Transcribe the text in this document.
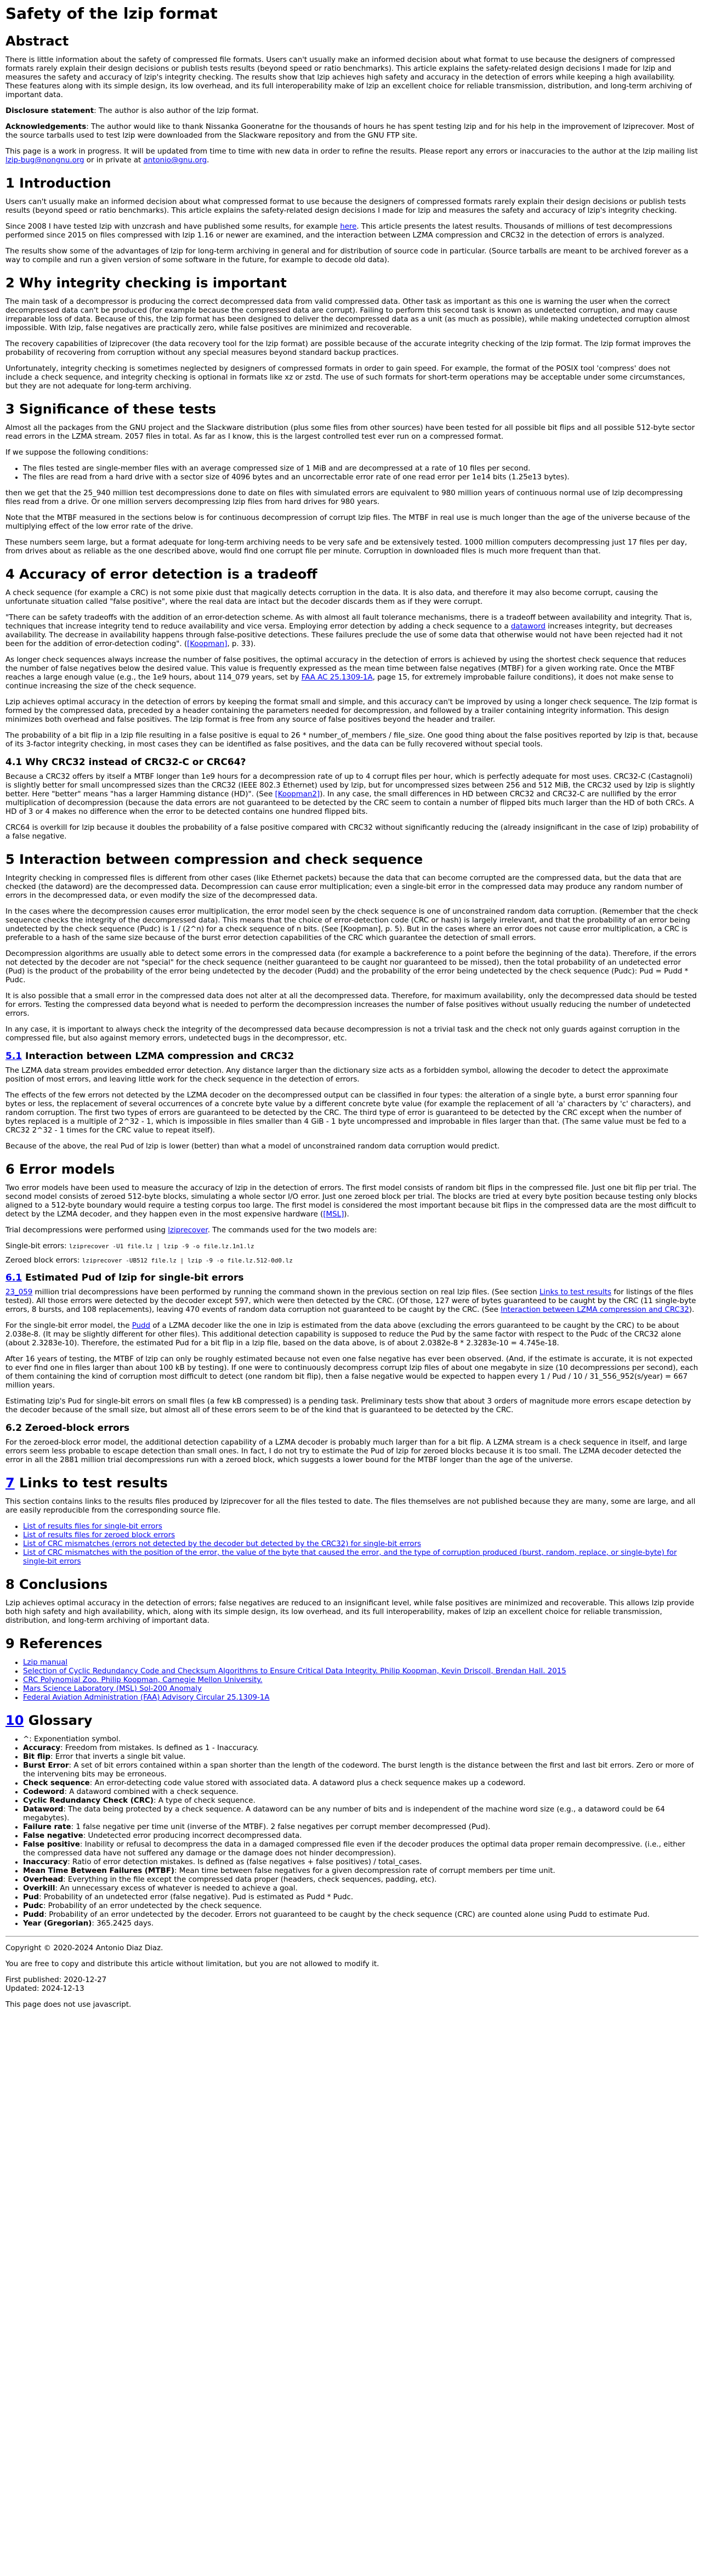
Safety of the lzip format
Abstract

There is little information about the safety of compressed file formats. Users can't usually make an informed decision about what format to use because the designers of compressed formats rarely explain their design decisions or publish tests results (beyond speed or ratio benchmarks). This article explains the safety-related design decisions I made for lzip and measures the safety and accuracy of lzip's integrity checking. The results show that lzip achieves high safety and accuracy in the detection of errors while keeping a high availability. These features along with its simple design, its low overhead, and its full interoperability make of lzip an excellent choice for reliable transmission, distribution, and long-term archiving of important data.

Disclosure statement: The author is also author of the lzip format.

Acknowledgements: The author would like to thank Nissanka Gooneratne for the thousands of hours he has spent testing lzip and for his help in the improvement of lziprecover. Most of the source tarballs used to test lzip were downloaded from the Slackware repository and from the GNU FTP site.

This page is a work in progress. It will be updated from time to time with new data in order to refine the results. Please report any errors or inaccuracies to the author at the lzip mailing list lzip-bug@nongnu.org or in private at antonio@gnu.org.

1 Introduction

Users can't usually make an informed decision about what compressed format to use because the designers of compressed formats rarely explain their design decisions or publish tests results (beyond speed or ratio benchmarks). This article explains the safety-related design decisions I made for lzip and measures the safety and accuracy of lzip's integrity checking.

Since 2008 I have tested lzip with unzcrash and have published some results, for example here. This article presents the latest results. Thousands of millions of test decompressions performed since 2015 on files compressed with lzip 1.16 or newer are examined, and the interaction between LZMA compression and CRC32 in the detection of errors is analyzed.

The results show some of the advantages of lzip for long-term archiving in general and for distribution of source code in particular. (Source tarballs are meant to be archived forever as a way to compile and run a given version of some software in the future, for example to decode old data).

2 Why integrity checking is important

The main task of a decompressor is producing the correct decompressed data from valid compressed data. Other task as important as this one is warning the user when the correct decompressed data can't be produced (for example because the compressed data are corrupt). Failing to perform this second task is known as undetected corruption, and may cause irreparable loss of data. Because of this, the lzip format has been designed to deliver the decompressed data as a unit (as much as possible), while making undetected corruption almost impossible. With lzip, false negatives are practically zero, while false positives are minimized and recoverable.

The recovery capabilities of lziprecover (the data recovery tool for the lzip format) are possible because of the accurate integrity checking of the lzip format. The lzip format improves the probability of recovering from corruption without any special measures beyond standard backup practices.

Unfortunately, integrity checking is sometimes neglected by designers of compressed formats in order to gain speed. For example, the format of the POSIX tool 'compress' does not include a check sequence, and integrity checking is optional in formats like xz or zstd. The use of such formats for short-term operations may be acceptable under some circumstances, but they are not adequate for long-term archiving.

3 Significance of these tests

Almost all the packages from the GNU project and the Slackware distribution (plus some files from other sources) have been tested for all possible bit flips and all possible 512-byte sector read errors in the LZMA stream. 2057 files in total. As far as I know, this is the largest controlled test ever run on a compressed format.

If we suppose the following conditions:

• The files tested are single-member files with an average compressed size of 1 MiB and are decompressed at a rate of 10 files per second.
• The files are read from a hard drive with a sector size of 4096 bytes and an uncorrectable error rate of one read error per 1e14 bits (1.25e13 bytes).

then we get that the 25_940 million test decompressions done to date on files with simulated errors are equivalent to 980 million years of continuous normal use of lzip decompressing files read from a drive. Or one million servers decompressing lzip files from hard drives for 980 years.

Note that the MTBF measured in the sections below is for continuous decompression of corrupt lzip files. The MTBF in real use is much longer than the age of the universe because of the multiplying effect of the low error rate of the drive.

These numbers seem large, but a format adequate for long-term archiving needs to be very safe and be extensively tested. 1000 million computers decompressing just 17 files per day, from drives about as reliable as the one described above, would find one corrupt file per minute. Corruption in downloaded files is much more frequent than that.

4 Accuracy of error detection is a tradeoff

A check sequence (for example a CRC) is not some pixie dust that magically detects corruption in the data. It is also data, and therefore it may also become corrupt, causing the unfortunate situation called "false positive", where the real data are intact but the decoder discards them as if they were corrupt.

"There can be safety tradeoffs with the addition of an error-detection scheme. As with almost all fault tolerance mechanisms, there is a tradeoff between availability and integrity. That is, techniques that increase integrity tend to reduce availability and vice versa. Employing error detection by adding a check sequence to a dataword increases integrity, but decreases availability. The decrease in availability happens through false-positive detections. These failures preclude the use of some data that otherwise would not have been rejected had it not been for the addition of error-detection coding". ([Koopman], p. 33).

As longer check sequences always increase the number of false positives, the optimal accuracy in the detection of errors is achieved by using the shortest check sequence that reduces the number of false negatives below the desired value. This value is frequently expressed as the mean time between false negatives (MTBF) for a given working rate. Once the MTBF reaches a large enough value (e.g., the 1e9 hours, about 114_079 years, set by FAA AC 25.1309-1A, page 15, for extremely improbable failure conditions), it does not make sense to continue increasing the size of the check sequence.

Lzip achieves optimal accuracy in the detection of errors by keeping the format small and simple, and this accuracy can't be improved by using a longer check sequence. The lzip format is formed by the compressed data, preceded by a header containing the parameters needed for decompression, and followed by a trailer containing integrity information. This design minimizes both overhead and false positives. The lzip format is free from any source of false positives beyond the header and trailer.

The probability of a bit flip in a lzip file resulting in a false positive is equal to 26 * number_of_members / file_size. One good thing about the false positives reported by lzip is that, because of its 3-factor integrity checking, in most cases they can be identified as false positives, and the data can be fully recovered without special tools.

4.1 Why CRC32 instead of CRC32-C or CRC64?

Because a CRC32 offers by itself a MTBF longer than 1e9 hours for a decompression rate of up to 4 corrupt files per hour, which is perfectly adequate for most uses. CRC32-C (Castagnoli) is slightly better for small uncompressed sizes than the CRC32 (IEEE 802.3 Ethernet) used by lzip, but for uncompressed sizes between 256 and 512 MiB, the CRC32 used by lzip is slightly better. Here "better" means "has a larger Hamming distance (HD)". (See [Koopman2]). In any case, the small differences in HD between CRC32 and CRC32-C are nullified by the error multiplication of decompression (because the data errors are not guaranteed to be detected by the CRC seem to contain a number of flipped bits much larger than the HD of both CRCs. A HD of 3 or 4 makes no difference when the error to be detected contains one hundred flipped bits.

CRC64 is overkill for lzip because it doubles the probability of a false positive compared with CRC32 without significantly reducing the (already insignificant in the case of lzip) probability of a false negative.

5 Interaction between compression and check sequence

Integrity checking in compressed files is different from other cases (like Ethernet packets) because the data that can become corrupted are the compressed data, but the data that are checked (the dataword) are the decompressed data. Decompression can cause error multiplication; even a single-bit error in the compressed data may produce any random number of errors in the decompressed data, or even modify the size of the decompressed data.

In the cases where the decompression causes error multiplication, the error model seen by the check sequence is one of unconstrained random data corruption. (Remember that the check sequence checks the integrity of the decompressed data). This means that the choice of error-detection code (CRC or hash) is largely irrelevant, and that the probability of an error being undetected by the check sequence (Pudc) is 1 / (2^n) for a check sequence of n bits. (See [Koopman], p. 5). But in the cases where an error does not cause error multiplication, a CRC is preferable to a hash of the same size because of the burst error detection capabilities of the CRC which guarantee the detection of small errors.

Decompression algorithms are usually able to detect some errors in the compressed data (for example a backreference to a point before the beginning of the data). Therefore, if the errors not detected by the decoder are not "special" for the check sequence (neither guaranteed to be caught nor guaranteed to be missed), then the total probability of an undetected error (Pud) is the product of the probability of the error being undetected by the decoder (Pudd) and the probability of the error being undetected by the check sequence (Pudc): Pud = Pudd * Pudc.

It is also possible that a small error in the compressed data does not alter at all the decompressed data. Therefore, for maximum availability, only the decompressed data should be tested for errors. Testing the compressed data beyond what is needed to perform the decompression increases the number of false positives without usually reducing the number of undetected errors.

In any case, it is important to always check the integrity of the decompressed data because decompression is not a trivial task and the check not only guards against corruption in the compressed file, but also against memory errors, undetected bugs in the decompressor, etc.

5.1 Interaction between LZMA compression and CRC32

The LZMA data stream provides embedded error detection. Any distance larger than the dictionary size acts as a forbidden symbol, allowing the decoder to detect the approximate position of most errors, and leaving little work for the check sequence in the detection of errors.

The effects of the few errors not detected by the LZMA decoder on the decompressed output can be classified in four types: the alteration of a single byte, a burst error spanning four bytes or less, the replacement of several occurrences of a concrete byte value by a different concrete byte value (for example the replacement of all 'a' characters by 'c' characters), and random corruption. The first two types of errors are guaranteed to be detected by the CRC. The third type of error is guaranteed to be detected by the CRC except when the number of bytes replaced is a multiple of 2^32 - 1, which is impossible in files smaller than 4 GiB - 1 byte uncompressed and improbable in files larger than that. (The same value must be fed to a CRC32 2^32 - 1 times for the CRC value to repeat itself).

Because of the above, the real Pud of lzip is lower (better) than what a model of unconstrained random data corruption would predict.

6 Error models

Two error models have been used to measure the accuracy of lzip in the detection of errors. The first model consists of random bit flips in the compressed file. Just one bit flip per trial. The second model consists of zeroed 512-byte blocks, simulating a whole sector I/O error. Just one zeroed block per trial. The blocks are tried at every byte position because testing only blocks aligned to a 512-byte boundary would require a testing corpus too large. The first model is considered the most important because bit flips in the compressed data are the most difficult to detect by the LZMA decoder, and they happen even in the most expensive hardware ([MSL]).

Trial decompressions were performed using lziprecover. The commands used for the two models are:

Single-bit errors: lziprecover -U1 file.lz | lzip -9 -o file.lz.1n1.lz

Zeroed block errors: lziprecover -UB512 file.lz | lzip -9 -o file.lz.512-0d0.lz

6.1 Estimated Pud of lzip for single-bit errors

23_059 million trial decompressions have been performed by running the command shown in the previous section on real lzip files. (See section Links to test results for listings of the files tested). All those errors were detected by the decoder except 597, which were then detected by the CRC. (Of those, 127 were of bytes guaranteed to be caught by the CRC (11 single-byte errors, 8 bursts, and 108 replacements), leaving 470 events of random data corruption not guaranteed to be caught by the CRC. (See Interaction between LZMA compression and CRC32).

For the single-bit error model, the Pudd of a LZMA decoder like the one in lzip is estimated from the data above (excluding the errors guaranteed to be caught by the CRC) to be about 2.038e-8. (It may be slightly different for other files). This additional detection capability is supposed to reduce the Pud by the same factor with respect to the Pudc of the CRC32 alone (about 2.3283e-10). Therefore, the estimated Pud for a bit flip in a lzip file, based on the data above, is of about 2.0382e-8 * 2.3283e-10 = 4.745e-18.

After 16 years of testing, the MTBF of lzip can only be roughly estimated because not even one false negative has ever been observed. (And, if the estimate is accurate, it is not expected to ever find one in files larger than about 100 kB by testing). If one were to continuously decompress corrupt lzip files of about one megabyte in size (10 decompressions per second), each of them containing the kind of corruption most difficult to detect (one random bit flip), then a false negative would be expected to happen every 1 / Pud / 10 / 31_556_952(s/year) = 667 million years.

Estimating lzip's Pud for single-bit errors on small files (a few kB compressed) is a pending task. Preliminary tests show that about 3 orders of magnitude more errors escape detection by the decoder because of the small size, but almost all of these errors seem to be of the kind that is guaranteed to be detected by the CRC.

6.2 Zeroed-block errors

For the zeroed-block error model, the additional detection capability of a LZMA decoder is probably much larger than for a bit flip. A LZMA stream is a check sequence in itself, and large errors seem less probable to escape detection than small ones. In fact, I do not try to estimate the Pud of lzip for zeroed blocks because it is too small. The LZMA decoder detected the error in all the 2881 million trial decompressions run with a zeroed block, which suggests a lower bound for the MTBF longer than the age of the universe.

7 Links to test results

This section contains links to the results files produced by lziprecover for all the files tested to date. The files themselves are not published because they are many, some are large, and all are easily reproducible from the corresponding source file.

• List of results files for single-bit errors
• List of results files for zeroed block errors
• List of CRC mismatches (errors not detected by the decoder but detected by the CRC32) for single-bit errors
• List of CRC mismatches with the position of the error, the value of the byte that caused the error, and the type of corruption produced (burst, random, replace, or single-byte) for single-bit errors
8 Conclusions

Lzip achieves optimal accuracy in the detection of errors; false negatives are reduced to an insignificant level, while false positives are minimized and recoverable. This allows lzip provide both high safety and high availability, which, along with its simple design, its low overhead, and its full interoperability, makes of lzip an excellent choice for reliable transmission, distribution, and long-term archiving of important data.

9 References
• Lzip manual
• Selection of Cyclic Redundancy Code and Checksum Algorithms to Ensure Critical Data Integrity. Philip Koopman, Kevin Driscoll, Brendan Hall. 2015
• CRC Polynomial Zoo. Philip Koopman, Carnegie Mellon University.
• Mars Science Laboratory (MSL) Sol-200 Anomaly
• Federal Aviation Administration (FAA) Advisory Circular 25.1309-1A
10 Glossary
• ^: Exponentiation symbol.
• Accuracy: Freedom from mistakes. Is defined as 1 - Inaccuracy.
• Bit flip: Error that inverts a single bit value.
• Burst Error: A set of bit errors contained within a span shorter than the length of the codeword. The burst length is the distance between the first and last bit errors. Zero or more of the intervening bits may be erroneous.
• Check sequence: An error-detecting code value stored with associated data. A dataword plus a check sequence makes up a codeword.
• Codeword: A dataword combined with a check sequence.
• Cyclic Redundancy Check (CRC): A type of check sequence.
• Dataword: The data being protected by a check sequence. A dataword can be any number of bits and is independent of the machine word size (e.g., a dataword could be 64 megabytes).
• Failure rate: 1 false negative per time unit (inverse of the MTBF). 2 false negatives per corrupt member decompressed (Pud).
• False negative: Undetected error producing incorrect decompressed data.
• False positive: Inability or refusal to decompress the data in a damaged compressed file even if the decoder produces the optimal data proper remain decompressive. (i.e., either the compressed data have not suffered any damage or the damage does not hinder decompression).
• Inaccuracy: Ratio of error detection mistakes. Is defined as (false negatives + false positives) / total_cases.
• Mean Time Between Failures (MTBF): Mean time between false negatives for a given decompression rate of corrupt members per time unit.
• Overhead: Everything in the file except the compressed data proper (headers, check sequences, padding, etc).
• Overkill: An unnecessary excess of whatever is needed to achieve a goal.
• Pud: Probability of an undetected error (false negative). Pud is estimated as Pudd * Pudc.
• Pudc: Probability of an error undetected by the check sequence.
• Pudd: Probability of an error undetected by the decoder. Errors not guaranteed to be caught by the check sequence (CRC) are counted alone using Pudd to estimate Pud.
• Year (Gregorian): 365.2425 days.

Copyright © 2020-2024 Antonio Diaz Diaz.

You are free to copy and distribute this article without limitation, but you are not allowed to modify it.

First published: 2020-12-27

Updated: 2024-12-13

This page does not use javascript.
